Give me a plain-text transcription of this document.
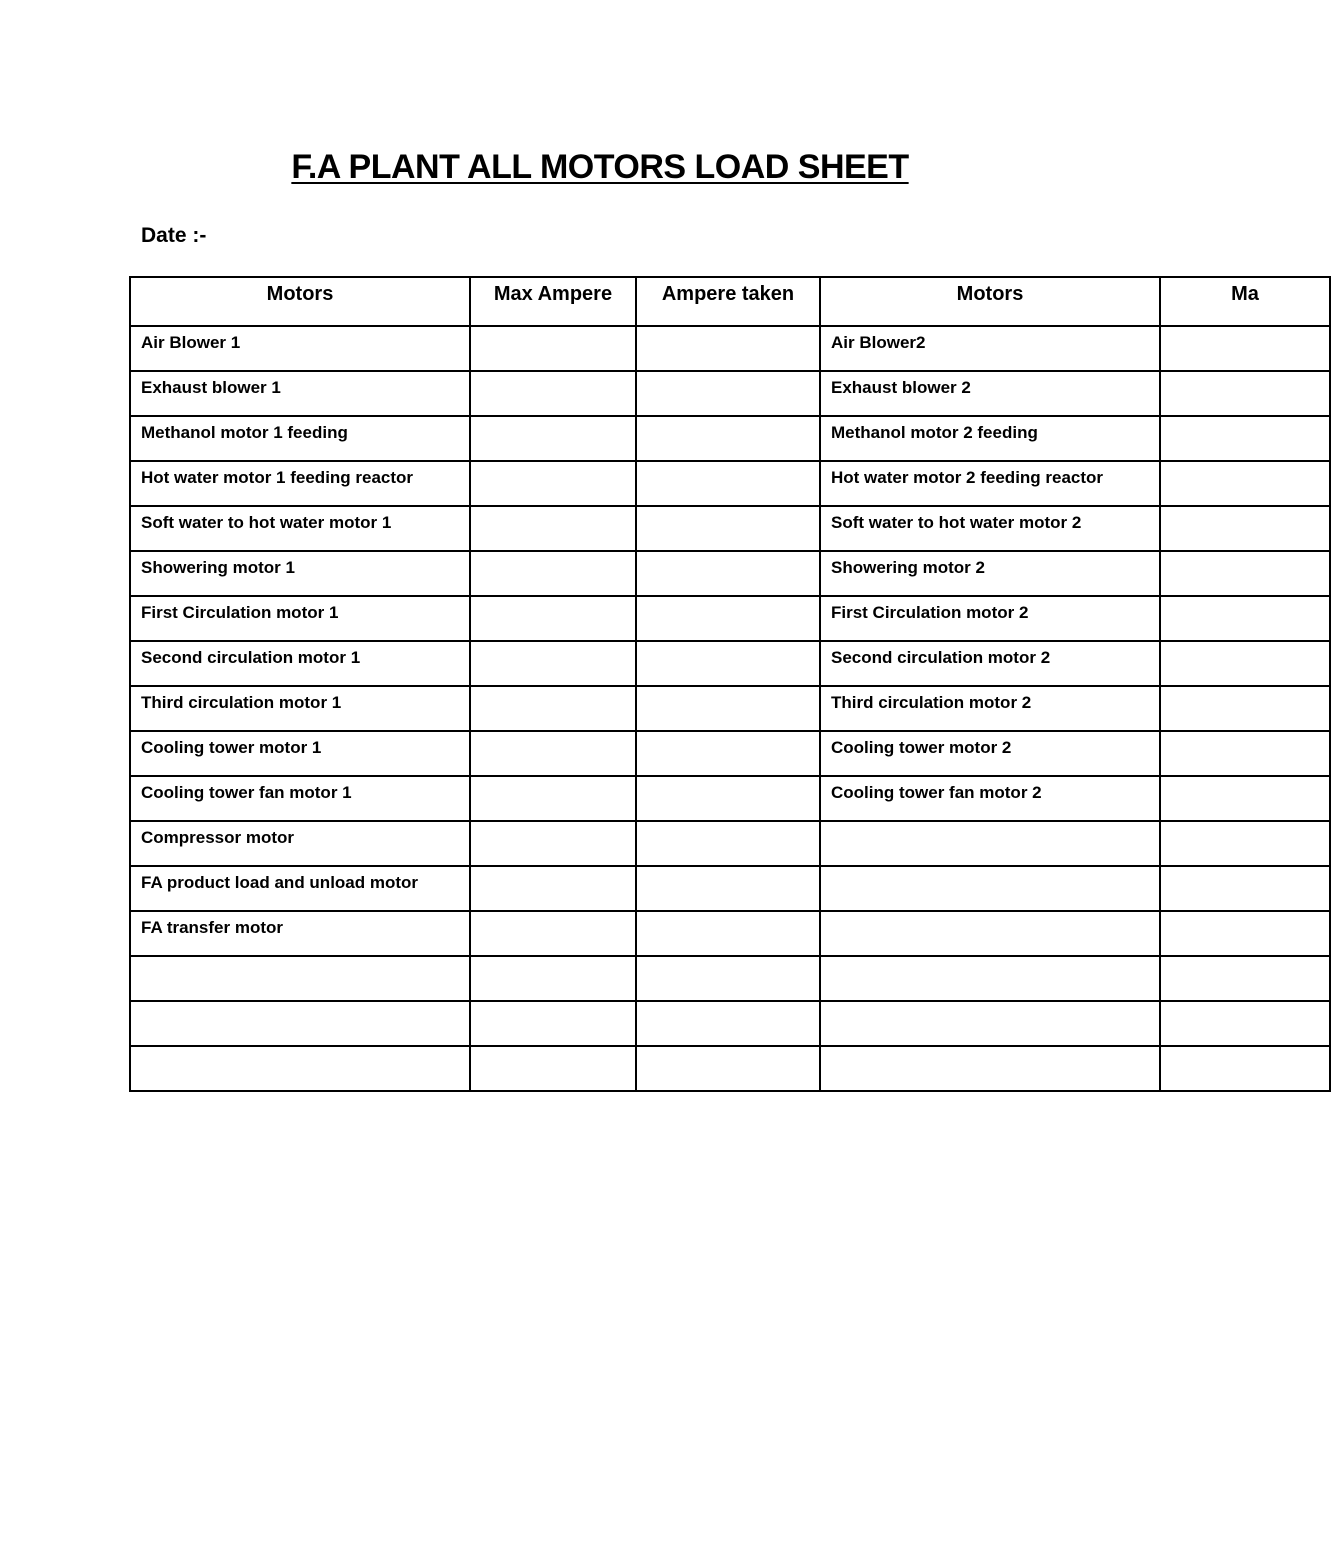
F.A PLANT ALL MOTORS LOAD SHEET
Date :-
Motors	Max Ampere	Ampere taken	Motors	Ma
Air Blower 1			Air Blower2	
Exhaust blower 1			Exhaust blower 2	
Methanol motor 1 feeding			Methanol motor 2 feeding	
Hot water motor 1 feeding reactor			Hot water motor 2 feeding reactor	
Soft water to hot water motor 1			Soft water to hot water motor 2	
Showering motor 1			Showering motor 2	
First Circulation motor 1			First Circulation motor 2	
Second circulation motor 1			Second circulation motor 2	
Third circulation motor 1			Third circulation motor 2	
Cooling tower motor 1			Cooling tower motor 2	
Cooling tower fan motor 1			Cooling tower fan motor 2	
Compressor motor				
FA product load and unload motor				
FA transfer motor				
